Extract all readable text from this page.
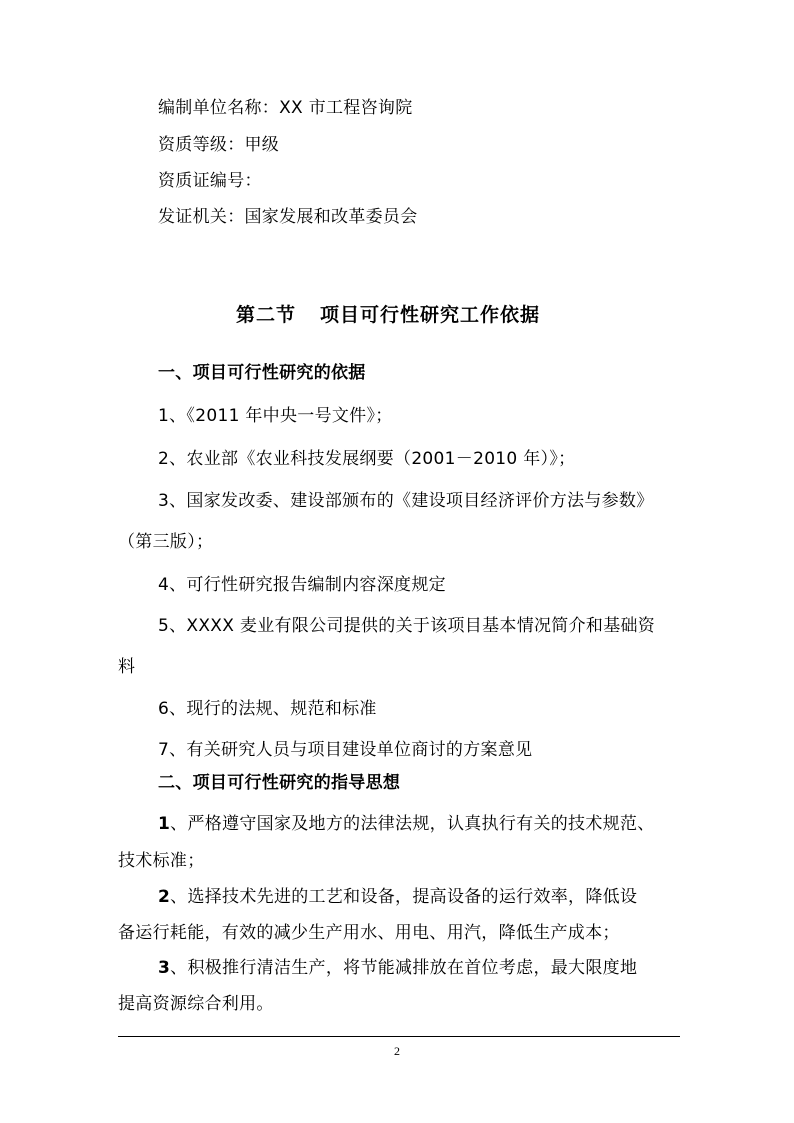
编制单位名称：XX 市工程咨询院

资质等级：甲级

资质证编号：

发证机关：国家发展和改革委员会

第二节 项目可行性研究工作依据

一、项目可行性研究的依据

1、《2011 年中央一号文件》；

2、农业部《农业科技发展纲要（2001－2010 年）》；

3、国家发改委、建设部颁布的《建设项目经济评价方法与参数》

（第三版）；

4、可行性研究报告编制内容深度规定

5、XXXX 麦业有限公司提供的关于该项目基本情况简介和基础资

料

6、现行的法规、规范和标准

7、有关研究人员与项目建设单位商讨的方案意见

二、项目可行性研究的指导思想

1、严格遵守国家及地方的法律法规，认真执行有关的技术规范、

技术标准；

2、选择技术先进的工艺和设备，提高设备的运行效率，降低设

备运行耗能，有效的减少生产用水、用电、用汽，降低生产成本；

3、积极推行清洁生产，将节能减排放在首位考虑，最大限度地

提高资源综合利用。

2
